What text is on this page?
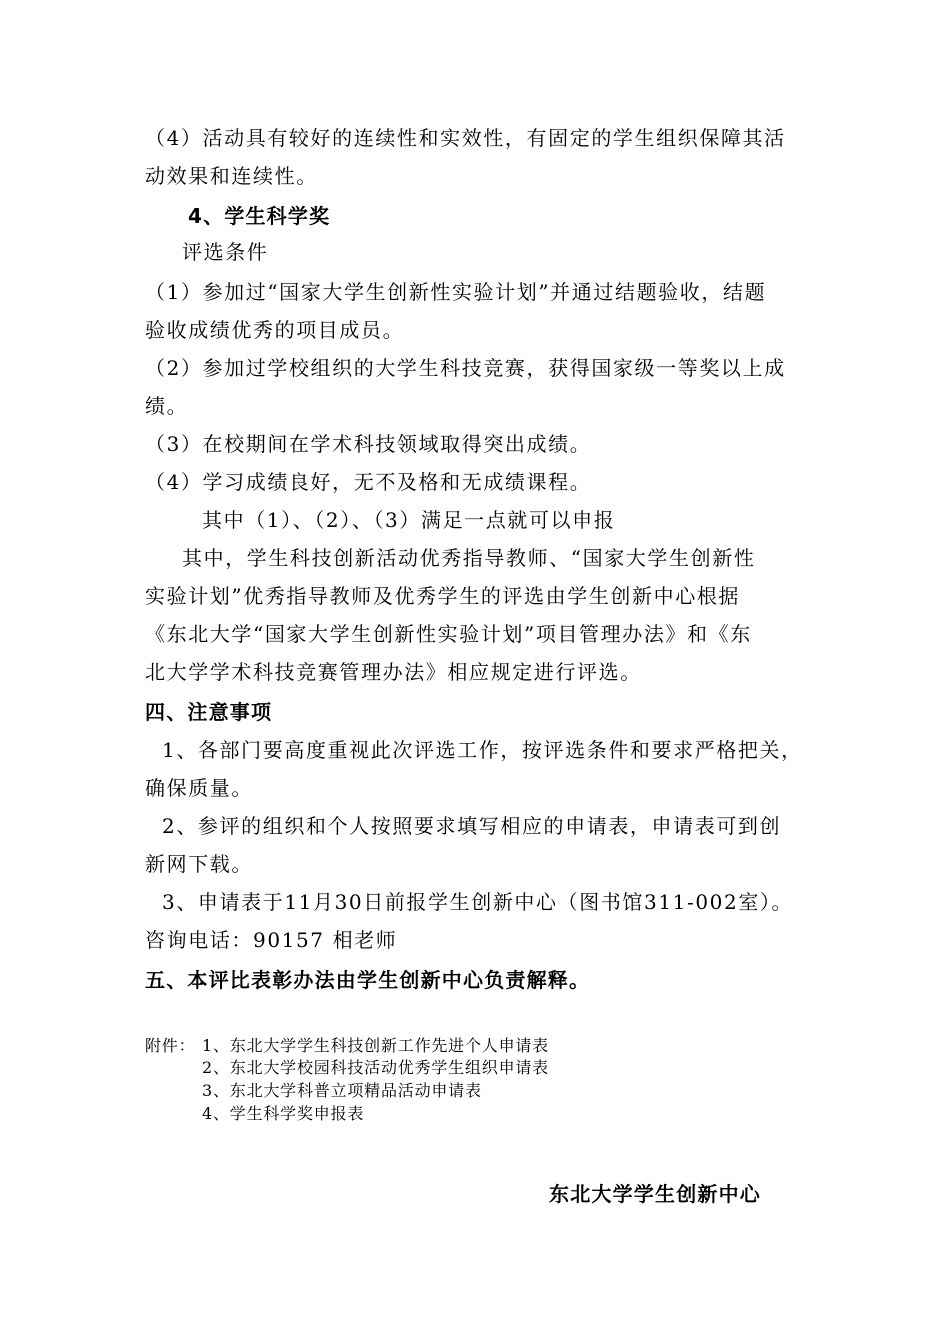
（4）活动具有较好的连续性和实效性，有固定的学生组织保障其活
动效果和连续性。
4、学生科学奖
评选条件
（1）参加过“国家大学生创新性实验计划”并通过结题验收，结题
验收成绩优秀的项目成员。
（2）参加过学校组织的大学生科技竞赛，获得国家级一等奖以上成
绩。
（3）在校期间在学术科技领域取得突出成绩。
（4）学习成绩良好，无不及格和无成绩课程。
其中（1）、（2）、（3）满足一点就可以申报
其中，学生科技创新活动优秀指导教师、“国家大学生创新性
实验计划”优秀指导教师及优秀学生的评选由学生创新中心根据
《东北大学“国家大学生创新性实验计划”项目管理办法》和《东
北大学学术科技竞赛管理办法》相应规定进行评选。
四、注意事项
1、各部门要高度重视此次评选工作，按评选条件和要求严格把关，
确保质量。
2、参评的组织和个人按照要求填写相应的申请表，申请表可到创
新网下载。
3、申请表于11月30日前报学生创新中心（图书馆311-002室）。
咨询电话：90157 相老师
五、本评比表彰办法由学生创新中心负责解释。
附件： 1、东北大学学生科技创新工作先进个人申请表
2、东北大学校园科技活动优秀学生组织申请表
3、东北大学科普立项精品活动申请表
4、学生科学奖申报表
东北大学学生创新中心
